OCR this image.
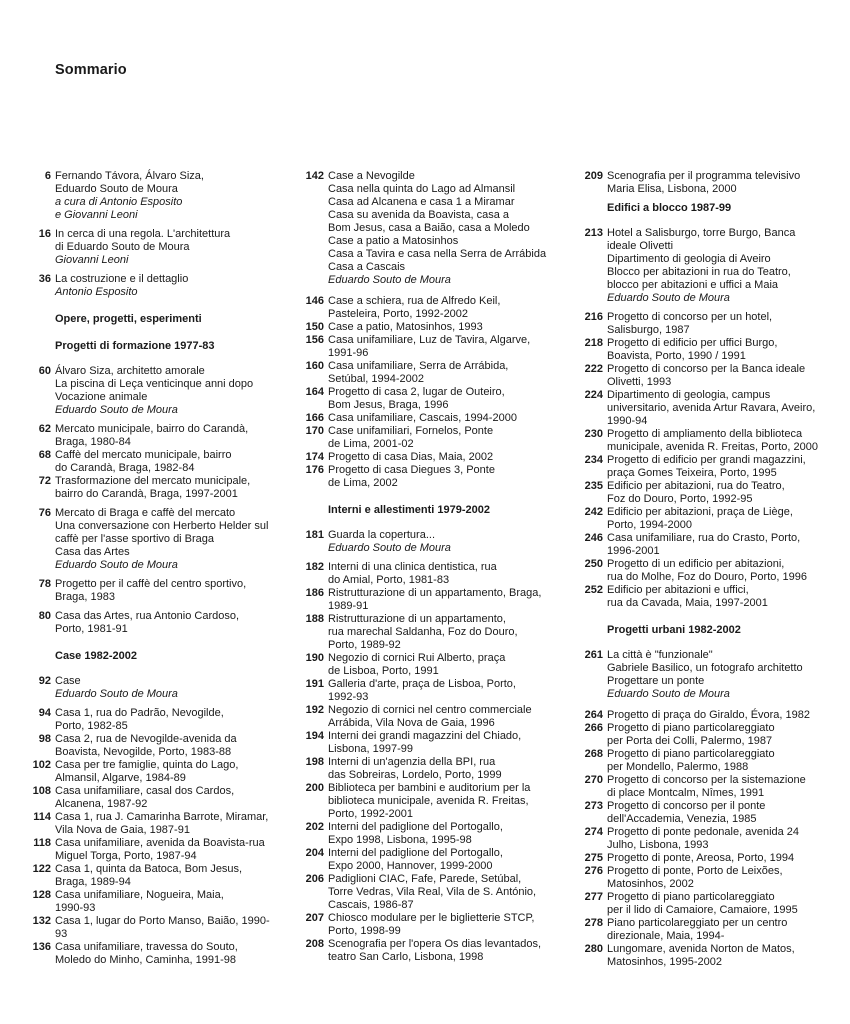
Sommario
6 Fernando Távora, Álvaro Siza,
Eduardo Souto de Moura
a cura di Antonio Esposito
e Giovanni Leoni
16 In cerca di una regola. L'architettura
di Eduardo Souto de Moura
Giovanni Leoni
36 La costruzione e il dettaglio
Antonio Esposito
Opere, progetti, esperimenti
Progetti di formazione 1977-83
60 Álvaro Siza, architetto amorale
La piscina di Leça venticinque anni dopo
Vocazione animale
Eduardo Souto de Moura
62 Mercato municipale, bairro do Carandà,
Braga, 1980-84
68 Caffè del mercato municipale, bairro
do Carandà, Braga, 1982-84
72 Trasformazione del mercato municipale,
bairro do Carandà, Braga, 1997-2001
76 Mercato di Braga e caffè del mercato
Una conversazione con Herberto Helder sul
caffè per l'asse sportivo di Braga
Casa das Artes
Eduardo Souto de Moura
78 Progetto per il caffè del centro sportivo,
Braga, 1983
80 Casa das Artes, rua Antonio Cardoso,
Porto, 1981-91
Case 1982-2002
92 Case
Eduardo Souto de Moura
94 Casa 1, rua do Padrão, Nevogilde,
Porto, 1982-85
98 Casa 2, rua de Nevogilde-avenida da
Boavista, Nevogilde, Porto, 1983-88
102 Casa per tre famiglie, quinta do Lago,
Almansil, Algarve, 1984-89
108 Casa unifamiliare, casal dos Cardos,
Alcanena, 1987-92
114 Casa 1, rua J. Camarinha Barrote, Miramar,
Vila Nova de Gaia, 1987-91
118 Casa unifamiliare, avenida da Boavista-rua
Miguel Torga, Porto, 1987-94
122 Casa 1, quinta da Batoca, Bom Jesus,
Braga, 1989-94
128 Casa unifamiliare, Nogueira, Maia,
1990-93
132 Casa 1, lugar do Porto Manso, Baião, 1990-
93
136 Casa unifamiliare, travessa do Souto,
Moledo do Minho, Caminha, 1991-98
142 Case a Nevogilde
Casa nella quinta do Lago ad Almansil
Casa ad Alcanena e casa 1 a Miramar
Casa su avenida da Boavista, casa a
Bom Jesus, casa a Baião, casa a Moledo
Case a patio a Matosinhos
Casa a Tavira e casa nella Serra de Arrábida
Casa a Cascais
Eduardo Souto de Moura
146 Case a schiera, rua de Alfredo Keil,
Pasteleira, Porto, 1992-2002
150 Case a patio, Matosinhos, 1993
156 Casa unifamiliare, Luz de Tavira, Algarve,
1991-96
160 Casa unifamiliare, Serra de Arrábida,
Setúbal, 1994-2002
164 Progetto di casa 2, lugar de Outeiro,
Bom Jesus, Braga, 1996
166 Casa unifamiliare, Cascais, 1994-2000
170 Case unifamiliari, Fornelos, Ponte
de Lima, 2001-02
174 Progetto di casa Dias, Maia, 2002
176 Progetto di casa Diegues 3, Ponte
de Lima, 2002
Interni e allestimenti 1979-2002
181 Guarda la copertura...
Eduardo Souto de Moura
182 Interni di una clinica dentistica, rua
do Amial, Porto, 1981-83
186 Ristrutturazione di un appartamento, Braga,
1989-91
188 Ristrutturazione di un appartamento,
rua marechal Saldanha, Foz do Douro,
Porto, 1989-92
190 Negozio di cornici Rui Alberto, praça
de Lisboa, Porto, 1991
191 Galleria d'arte, praça de Lisboa, Porto,
1992-93
192 Negozio di cornici nel centro commerciale
Arrábida, Vila Nova de Gaia, 1996
194 Interni dei grandi magazzini del Chiado,
Lisbona, 1997-99
198 Interni di un'agenzia della BPI, rua
das Sobreiras, Lordelo, Porto, 1999
200 Biblioteca per bambini e auditorium per la
biblioteca municipale, avenida R. Freitas,
Porto, 1992-2001
202 Interni del padiglione del Portogallo,
Expo 1998, Lisbona, 1995-98
204 Interni del padiglione del Portogallo,
Expo 2000, Hannover, 1999-2000
206 Padiglioni CIAC, Fafe, Parede, Setúbal,
Torre Vedras, Vila Real, Vila de S. António,
Cascais, 1986-87
207 Chiosco modulare per le biglietterie STCP,
Porto, 1998-99
208 Scenografia per l'opera Os dias levantados,
teatro San Carlo, Lisbona, 1998
209 Scenografia per il programma televisivo
Maria Elisa, Lisbona, 2000
Edifici a blocco 1987-99
213 Hotel a Salisburgo, torre Burgo, Banca
ideale Olivetti
Dipartimento di geologia di Aveiro
Blocco per abitazioni in rua do Teatro,
blocco per abitazioni e uffici a Maia
Eduardo Souto de Moura
216 Progetto di concorso per un hotel,
Salisburgo, 1987
218 Progetto di edificio per uffici Burgo,
Boavista, Porto, 1990 / 1991
222 Progetto di concorso per la Banca ideale
Olivetti, 1993
224 Dipartimento di geologia, campus
universitario, avenida Artur Ravara, Aveiro,
1990-94
230 Progetto di ampliamento della biblioteca
municipale, avenida R. Freitas, Porto, 2000
234 Progetto di edificio per grandi magazzini,
praça Gomes Teixeira, Porto, 1995
235 Edificio per abitazioni, rua do Teatro,
Foz do Douro, Porto, 1992-95
242 Edificio per abitazioni, praça de Liège,
Porto, 1994-2000
246 Casa unifamiliare, rua do Crasto, Porto,
1996-2001
250 Progetto di un edificio per abitazioni,
rua do Molhe, Foz do Douro, Porto, 1996
252 Edificio per abitazioni e uffici,
rua da Cavada, Maia, 1997-2001
Progetti urbani 1982-2002
261 La città è "funzionale"
Gabriele Basilico, un fotografo architetto
Progettare un ponte
Eduardo Souto de Moura
264 Progetto di praça do Giraldo, Évora, 1982
266 Progetto di piano particolareggiato
per Porta dei Colli, Palermo, 1987
268 Progetto di piano particolareggiato
per Mondello, Palermo, 1988
270 Progetto di concorso per la sistemazione
di place Montcalm, Nîmes, 1991
273 Progetto di concorso per il ponte
dell'Accademia, Venezia, 1985
274 Progetto di ponte pedonale, avenida 24
Julho, Lisbona, 1993
275 Progetto di ponte, Areosa, Porto, 1994
276 Progetto di ponte, Porto de Leixões,
Matosinhos, 2002
277 Progetto di piano particolareggiato
per il lido di Camaiore, Camaiore, 1995
278 Piano particolareggiato per un centro
direzionale, Maia, 1994-
280 Lungomare, avenida Norton de Matos,
Matosinhos, 1995-2002
